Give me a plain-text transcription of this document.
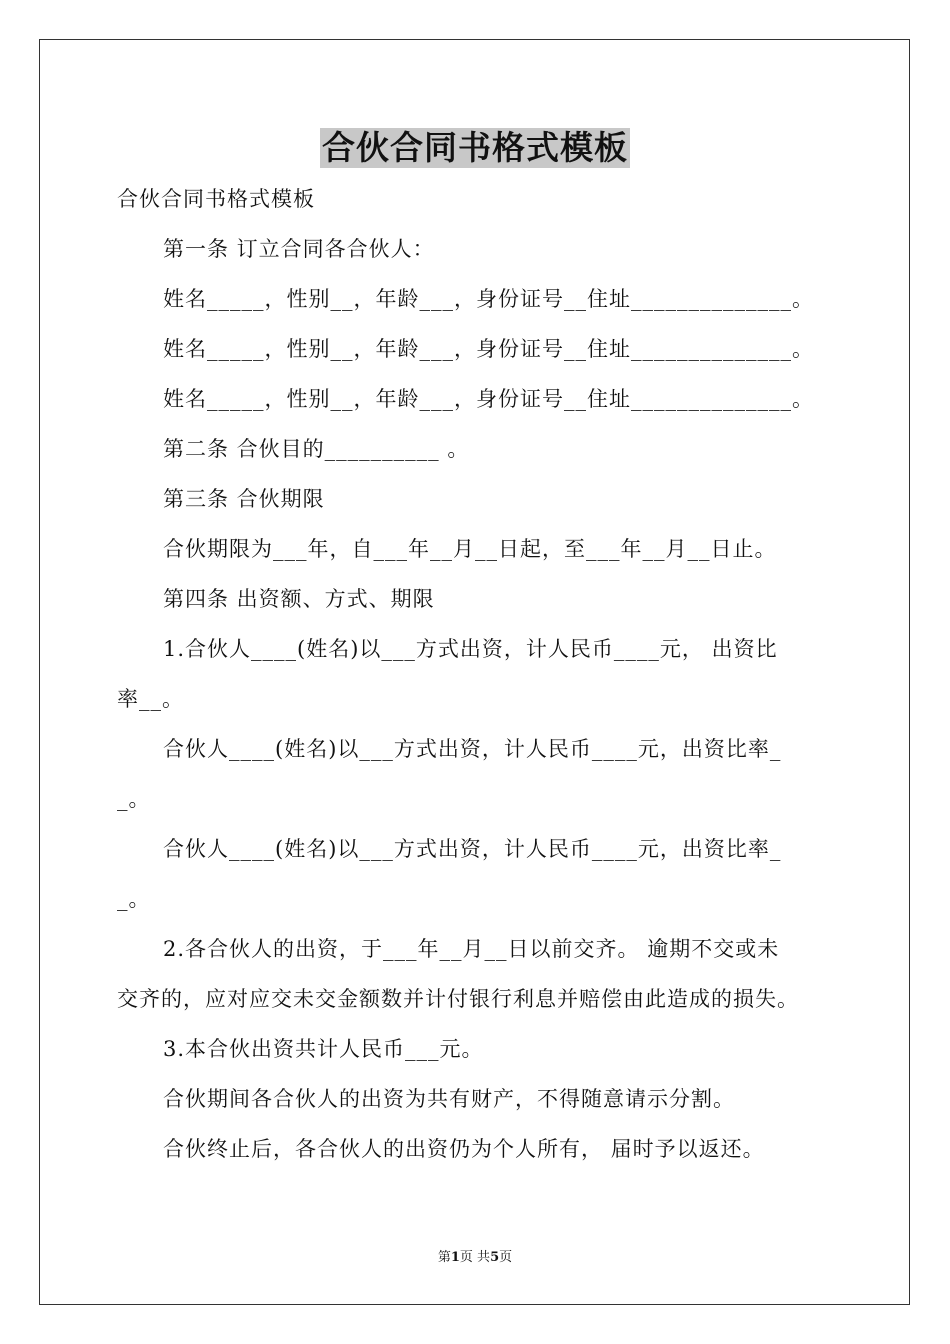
合伙合同书格式模板
合伙合同书格式模板
第一条 订立合同各合伙人：
姓名_____，性别__，年龄___，身份证号__住址______________。
姓名_____，性别__，年龄___，身份证号__住址______________。
姓名_____，性别__，年龄___，身份证号__住址______________。
第二条 合伙目的__________ 。
第三条 合伙期限
合伙期限为___年，自___年__月__日起，至___年__月__日止。
第四条 出资额、方式、期限
1.合伙人____(姓名)以___方式出资，计人民币____元， 出资比
率__。
合伙人____(姓名)以___方式出资，计人民币____元，出资比率_
_。
合伙人____(姓名)以___方式出资，计人民币____元，出资比率_
_。
2.各合伙人的出资，于___年__月__日以前交齐。 逾期不交或未
交齐的，应对应交未交金额数并计付银行利息并赔偿由此造成的损失。
3.本合伙出资共计人民币___元。
合伙期间各合伙人的出资为共有财产，不得随意请示分割。
合伙终止后，各合伙人的出资仍为个人所有， 届时予以返还。
第1页 共5页
